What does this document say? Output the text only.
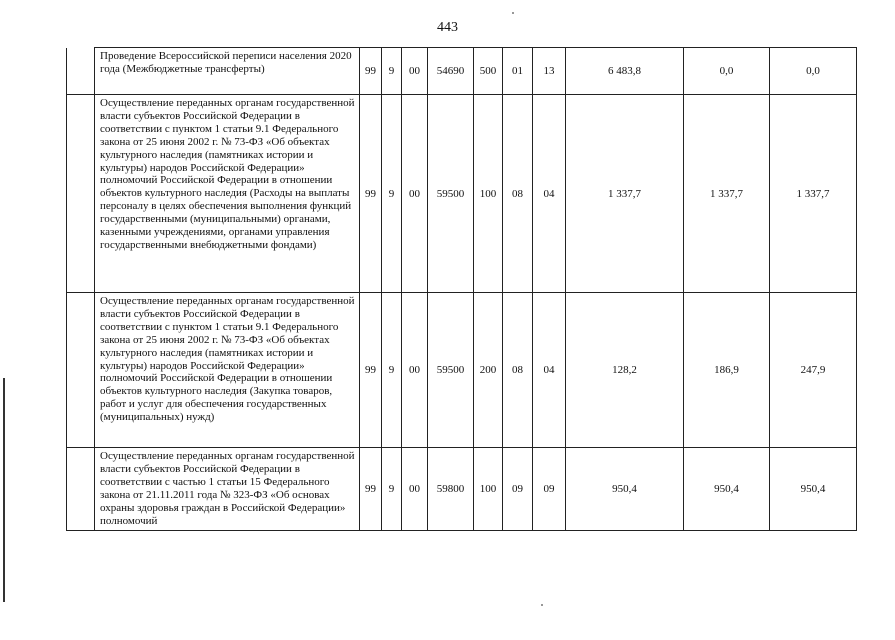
443
	Проведение Всероссийской переписи населения 2020 года (Межбюджетные трансферты)	99	9	00	54690	500	01	13	6 483,8	0,0	0,0
	Осуществление переданных органам государственной власти субъектов Российской Федерации в соответствии с пунктом 1 статьи 9.1 Федерального закона от 25 июня 2002 г. № 73-ФЗ «Об объектах культурного наследия (памятниках истории и культуры) народов Российской Федерации» полномочий Российской Федерации в отношении объектов культурного наследия (Расходы на выплаты персоналу в целях обеспечения выполнения функций государственными (муниципальными) органами, казенными учреждениями, органами управления государственными внебюджетными фондами)	99	9	00	59500	100	08	04	1 337,7	1 337,7	1 337,7
	Осуществление переданных органам государственной власти субъектов Российской Федерации в соответствии с пунктом 1 статьи 9.1 Федерального закона от 25 июня 2002 г. № 73-ФЗ «Об объектах культурного наследия (памятниках истории и культуры) народов Российской Федерации» полномочий Российской Федерации в отношении объектов культурного наследия (Закупка товаров, работ и услуг для обеспечения государственных (муниципальных) нужд)	99	9	00	59500	200	08	04	128,2	186,9	247,9
	Осуществление переданных органам государственной власти субъектов Российской Федерации в соответствии с частью 1 статьи 15 Федерального закона от 21.11.2011 года № 323-ФЗ «Об основах охраны здоровья граждан в Российской Федерации» полномочий	99	9	00	59800	100	09	09	950,4	950,4	950,4
